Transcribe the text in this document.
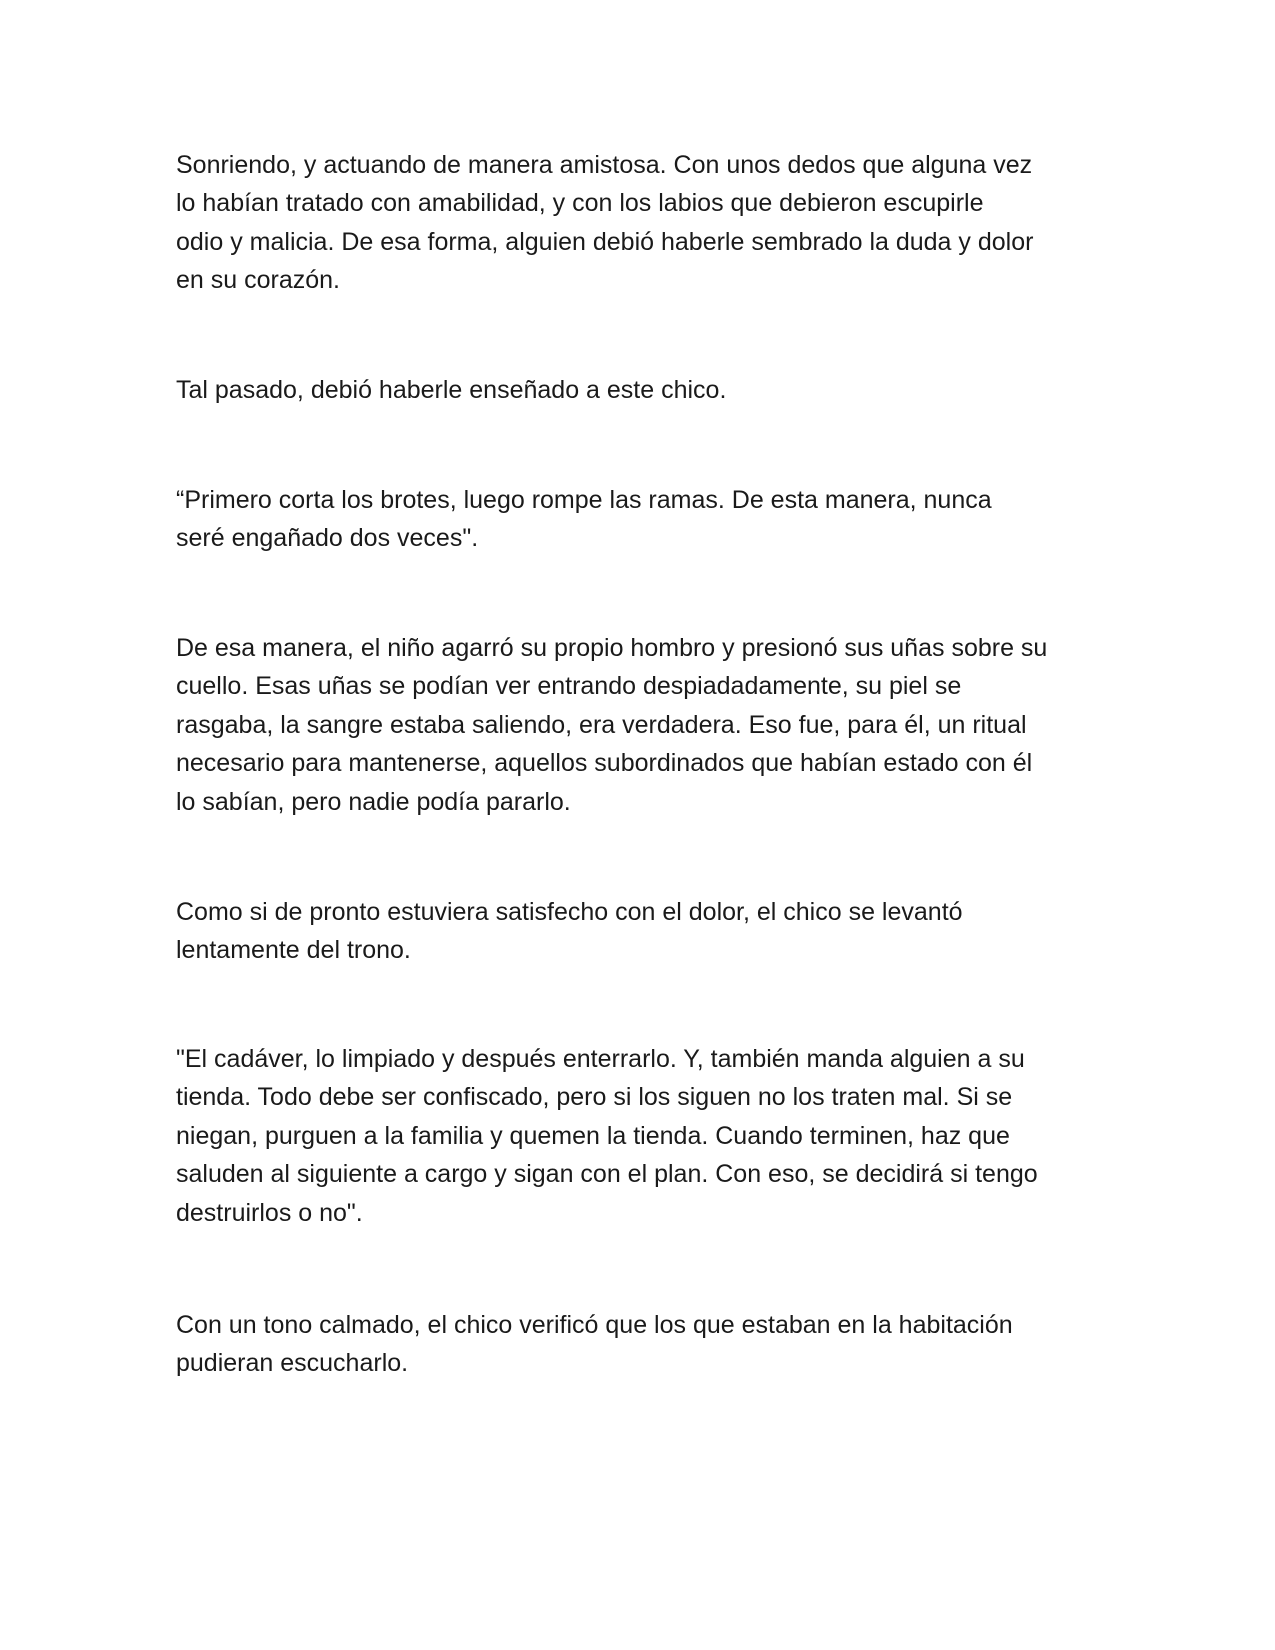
Sonriendo, y actuando de manera amistosa. Con unos dedos que alguna vez
lo habían tratado con amabilidad, y con los labios que debieron escupirle
odio y malicia. De esa forma, alguien debió haberle sembrado la duda y dolor
en su corazón.

Tal pasado, debió haberle enseñado a este chico.

“Primero corta los brotes, luego rompe las ramas. De esta manera, nunca
seré engañado dos veces".

De esa manera, el niño agarró su propio hombro y presionó sus uñas sobre su
cuello. Esas uñas se podían ver entrando despiadadamente, su piel se
rasgaba, la sangre estaba saliendo, era verdadera. Eso fue, para él, un ritual
necesario para mantenerse, aquellos subordinados que habían estado con él
lo sabían, pero nadie podía pararlo.

Como si de pronto estuviera satisfecho con el dolor, el chico se levantó
lentamente del trono.

"El cadáver, lo limpiado y después enterrarlo. Y, también manda alguien a su
tienda. Todo debe ser confiscado, pero si los siguen no los traten mal. Si se
niegan, purguen a la familia y quemen la tienda. Cuando terminen, haz que
saluden al siguiente a cargo y sigan con el plan. Con eso, se decidirá si tengo
destruirlos o no".

Con un tono calmado, el chico verificó que los que estaban en la habitación
pudieran escucharlo.
